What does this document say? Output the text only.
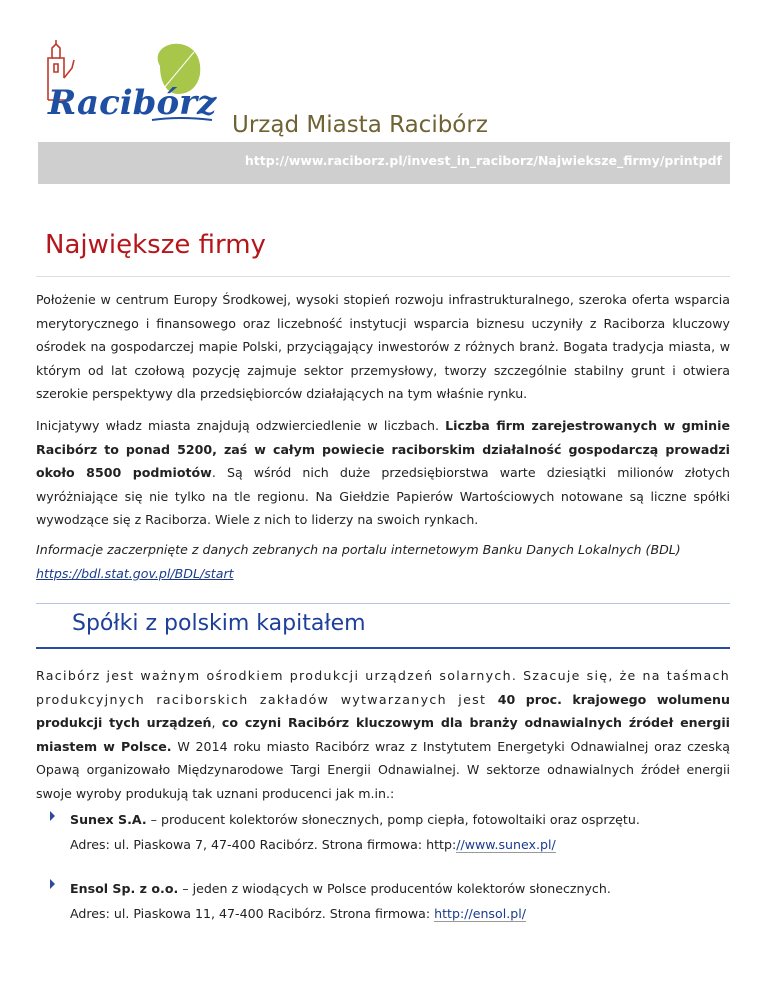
Racibórz
Urząd Miasta Racibórz
http://www.raciborz.pl/invest_in_raciborz/Najwieksze_firmy/printpdf
Największe firmy
Położenie w centrum Europy Środkowej, wysoki stopień rozwoju infrastrukturalnego, szeroka oferta wsparcia merytorycznego i finansowego oraz liczebność instytucji wsparcia biznesu uczyniły z Raciborza kluczowy ośrodek na gospodarczej mapie Polski, przyciągający inwestorów z różnych branż. Bogata tradycja miasta, w którym od lat czołową pozycję zajmuje sektor przemysłowy, tworzy szczególnie stabilny grunt i otwiera szerokie perspektywy dla przedsiębiorców działających na tym właśnie rynku.
Inicjatywy władz miasta znajdują odzwierciedlenie w liczbach. Liczba firm zarejestrowanych w gminie Racibórz to ponad 5200, zaś w całym powiecie raciborskim działalność gospodarczą prowadzi około 8500 podmiotów. Są wśród nich duże przedsiębiorstwa warte dziesiątki milionów złotych wyróżniające się nie tylko na tle regionu. Na Giełdzie Papierów Wartościowych notowane są liczne spółki wywodzące się z Raciborza. Wiele z nich to liderzy na swoich rynkach.
Informacje zaczerpnięte z danych zebranych na portalu internetowym Banku Danych Lokalnych (BDL)
https://bdl.stat.gov.pl/BDL/start
Spółki z polskim kapitałem
Racibórz jest ważnym ośrodkiem produkcji urządzeń solarnych. Szacuje się, że na taśmach produkcyjnych raciborskich zakładów wytwarzanych jest 40 proc. krajowego wolumenu produkcji tych urządzeń, co czyni Racibórz kluczowym dla branży odnawialnych źródeł energii miastem w Polsce. W 2014 roku miasto Racibórz wraz z Instytutem Energetyki Odnawialnej oraz czeską Opawą organizowało Międzynarodowe Targi Energii Odnawialnej. W sektorze odnawialnych źródeł energii swoje wyroby produkują tak uznani producenci jak m.in.:
Sunex S.A. – producent kolektorów słonecznych, pomp ciepła, fotowoltaiki oraz osprzętu.
Adres: ul. Piaskowa 7, 47-400 Racibórz. Strona firmowa: http://www.sunex.pl/
Ensol Sp. z o.o. – jeden z wiodących w Polsce producentów kolektorów słonecznych.
Adres: ul. Piaskowa 11, 47-400 Racibórz. Strona firmowa: http://ensol.pl/
